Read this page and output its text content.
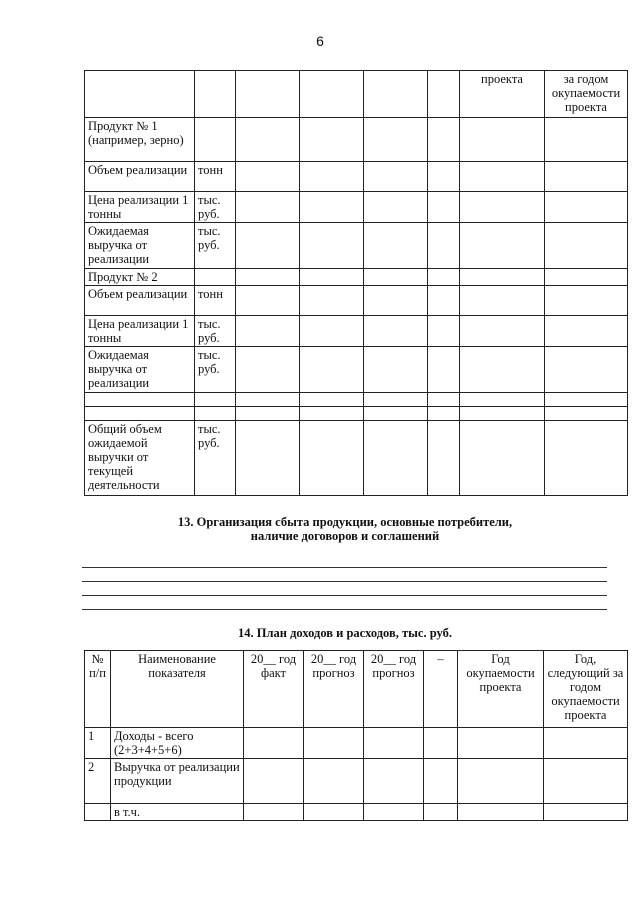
6
						проекта	за годом окупаемости проекта
Продукт № 1 (например, зерно)							
Объем реализации	тонн						
Цена реализации 1 тонны	тыс. руб.						
Ожидаемая выручка от реализации	тыс. руб.						
Продукт № 2							
Объем реализации	тонн						
Цена реализации 1 тонны	тыс. руб.						
Ожидаемая выручка от реализации	тыс. руб.						

Общий объем ожидаемой выручки от текущей деятельности	тыс. руб.						
13. Организация сбыта продукции, основные потребители,
наличие договоров и соглашений
14. План доходов и расходов, тыс. руб.
№ п/п	Наименование показателя	20__ год факт	20__ год прогноз	20__ год прогноз	–	Год окупаемости проекта	Год, следующий за годом окупаемости проекта
1	Доходы - всего (2+3+4+5+6)						
2	Выручка от реализации продукции						
	в т.ч.						
